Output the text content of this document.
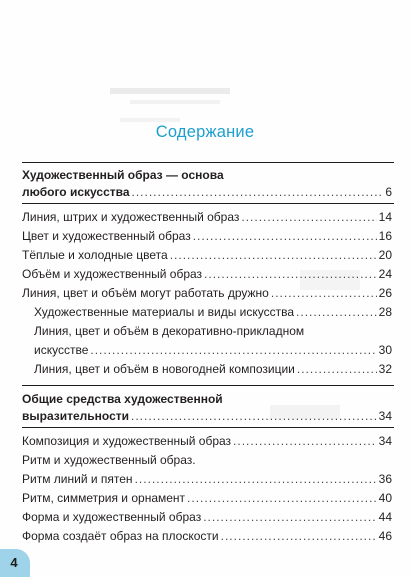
Содержание
Художественный образ — основа
любого искусства .....	6
Линия, штрих и художественный образ .....	14
Цвет и художественный образ .....	16
Тёплые и холодные цвета .....	20
Объём и художественный образ .....	24
Линия, цвет и объём могут работать дружно .....	26
Художественные материалы и виды искусства .....	28
Линия, цвет и объём в декоративно-прикладном
искусстве .....	30
Линия, цвет и объём в новогодней композиции .....	32
Общие средства художественной
выразительности .....	34
Композиция и художественный образ .....	34
Ритм и художественный образ.
Ритм линий и пятен .....	36
Ритм, симметрия и орнамент .....	40
Форма и художественный образ .....	44
Форма создаёт образ на плоскости .....	46
4
